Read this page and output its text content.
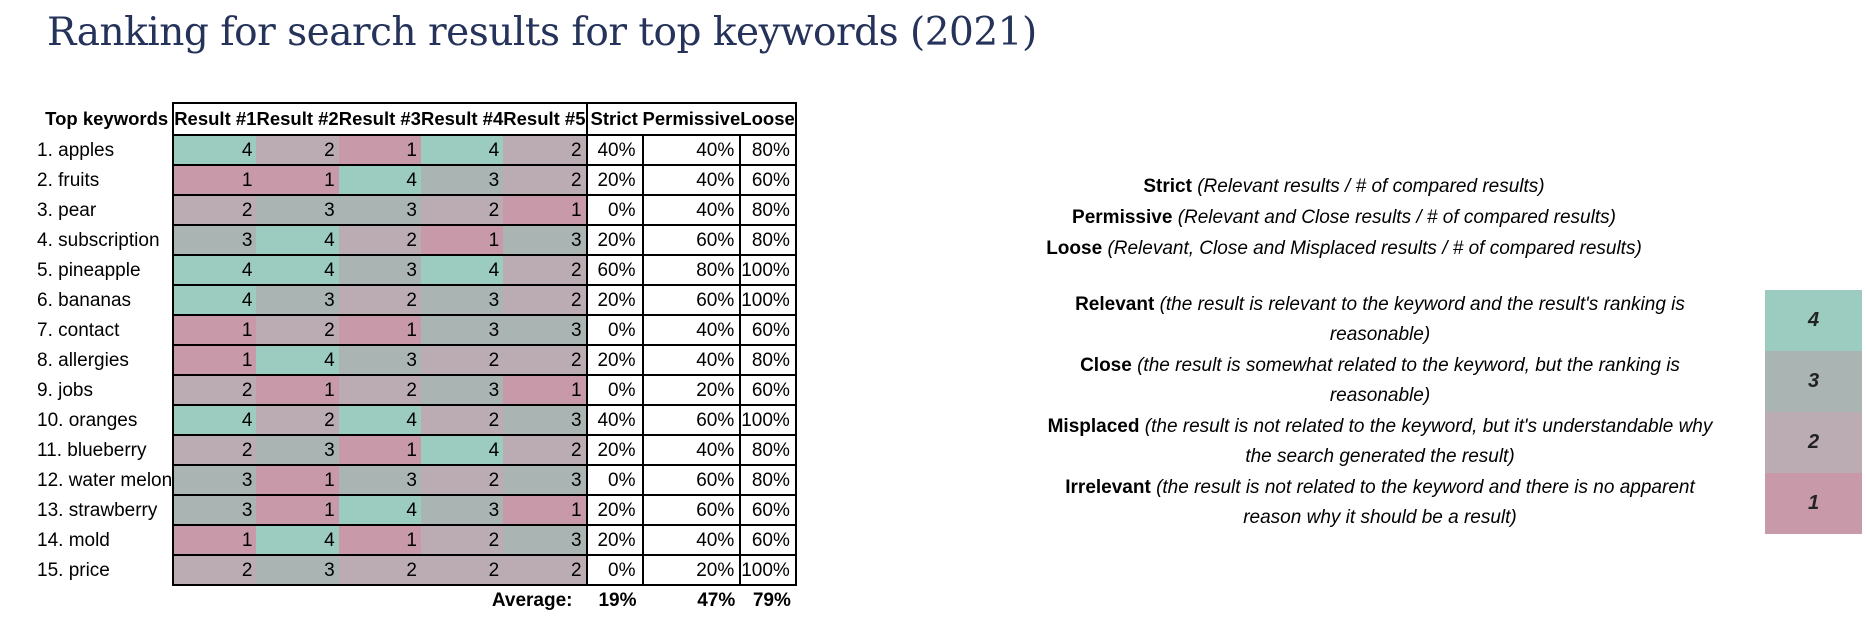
Ranking for search results for top keywords (2021)
Top keywords	Result #1	Result #2	Result #3	Result #4	Result #5	Strict	Permissive	Loose
1. apples	4	2	1	4	2	40%	40%	80%
2. fruits	1	1	4	3	2	20%	40%	60%
3. pear	2	3	3	2	1	0%	40%	80%
4. subscription	3	4	2	1	3	20%	60%	80%
5. pineapple	4	4	3	4	2	60%	80%	100%
6. bananas	4	3	2	3	2	20%	60%	100%
7. contact	1	2	1	3	3	0%	40%	60%
8. allergies	1	4	3	2	2	20%	40%	80%
9. jobs	2	1	2	3	1	0%	20%	60%
10. oranges	4	2	4	2	3	40%	60%	100%
11. blueberry	2	3	1	4	2	20%	40%	80%
12. water melon	3	1	3	2	3	0%	60%	80%
13. strawberry	3	1	4	3	1	20%	60%	60%
14. mold	1	4	1	2	3	20%	40%	60%
15. price	2	3	2	2	2	0%	20%	100%
Average:						19%	47%	79%
Strict (Relevant results / # of compared results)
Permissive (Relevant and Close results / # of compared results)
Loose (Relevant, Close and Misplaced results / # of compared results)
Relevant (the result is relevant to the keyword and the result's ranking is
reasonable)
Close (the result is somewhat related to the keyword, but the ranking is
reasonable)
Misplaced (the result is not related to the keyword, but it's understandable why
the search generated the result)
Irrelevant (the result is not related to the keyword and there is no apparent
reason why it should be a result)
4
3
2
1
